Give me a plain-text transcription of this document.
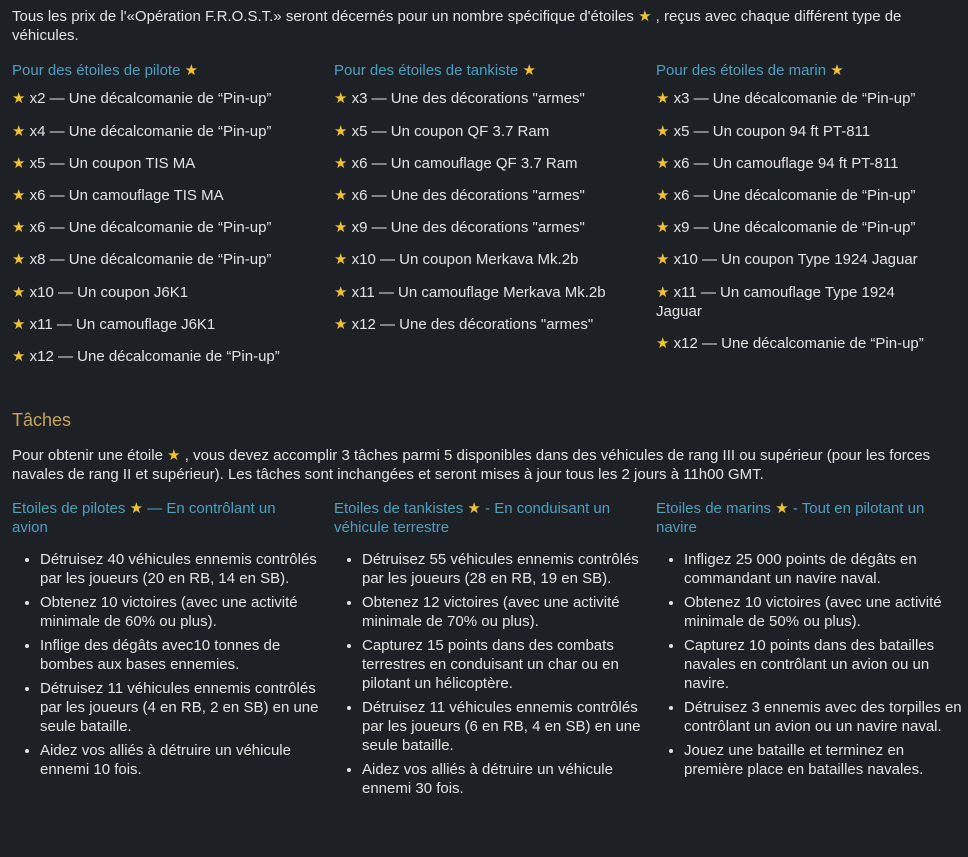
Tous les prix de l'«Opération F.R.O.S.T.» seront décernés pour un nombre spécifique d'étoiles ★ , reçus avec chaque différent type de véhicules.
Pour des étoiles de pilote ★
★ x2 — Une décalcomanie de “Pin-up”
★ x4 — Une décalcomanie de “Pin-up”
★ x5 — Un coupon TIS MA
★ x6 — Un camouflage TIS MA
★ x6 — Une décalcomanie de “Pin-up”
★ x8 — Une décalcomanie de “Pin-up”
★ x10 — Un coupon J6K1
★ x11 — Un camouflage J6K1
★ x12 — Une décalcomanie de “Pin-up”
Pour des étoiles de tankiste ★
★ x3 — Une des décorations "armes"
★ x5 — Un coupon QF 3.7 Ram
★ x6 — Un camouflage QF 3.7 Ram
★ x6 — Une des décorations "armes"
★ x9 — Une des décorations "armes"
★ x10 — Un coupon Merkava Mk.2b
★ x11 — Un camouflage Merkava Mk.2b
★ x12 — Une des décorations "armes"
Pour des étoiles de marin ★
★ x3 — Une décalcomanie de “Pin-up”
★ x5 — Un coupon 94 ft PT-811
★ x6 — Un camouflage 94 ft PT-811
★ x6 — Une décalcomanie de “Pin-up”
★ x9 — Une décalcomanie de “Pin-up”
★ x10 — Un coupon Type 1924 Jaguar
★ x11 — Un camouflage Type 1924 Jaguar
★ x12 — Une décalcomanie de “Pin-up”
Tâches
Pour obtenir une étoile ★ , vous devez accomplir 3 tâches parmi 5 disponibles dans des véhicules de rang III ou supérieur (pour les forces navales de rang II et supérieur). Les tâches sont inchangées et seront mises à jour tous les 2 jours à 11h00 GMT.
Etoiles de pilotes ★ — En contrôlant un avion
• Détruisez 40 véhicules ennemis contrôlés par les joueurs (20 en RB, 14 en SB).
• Obtenez 10 victoires (avec une activité minimale de 60% ou plus).
• Inflige des dégâts avec10 tonnes de bombes aux bases ennemies.
• Détruisez 11 véhicules ennemis contrôlés par les joueurs (4 en RB, 2 en SB) en une seule bataille.
• Aidez vos alliés à détruire un véhicule ennemi 10 fois.
Etoiles de tankistes ★ - En conduisant un véhicule terrestre
• Détruisez 55 véhicules ennemis contrôlés par les joueurs (28 en RB, 19 en SB).
• Obtenez 12 victoires (avec une activité minimale de 70% ou plus).
• Capturez 15 points dans des combats terrestres en conduisant un char ou en pilotant un hélicoptère.
• Détruisez 11 véhicules ennemis contrôlés par les joueurs (6 en RB, 4 en SB) en une seule bataille.
• Aidez vos alliés à détruire un véhicule ennemi 30 fois.
Etoiles de marins ★ - Tout en pilotant un navire
• Infligez 25 000 points de dégâts en commandant un navire naval.
• Obtenez 10 victoires (avec une activité minimale de 50% ou plus).
• Capturez 10 points dans des batailles navales en contrôlant un avion ou un navire.
• Détruisez 3 ennemis avec des torpilles en contrôlant un avion ou un navire naval.
• Jouez une bataille et terminez en première place en batailles navales.
